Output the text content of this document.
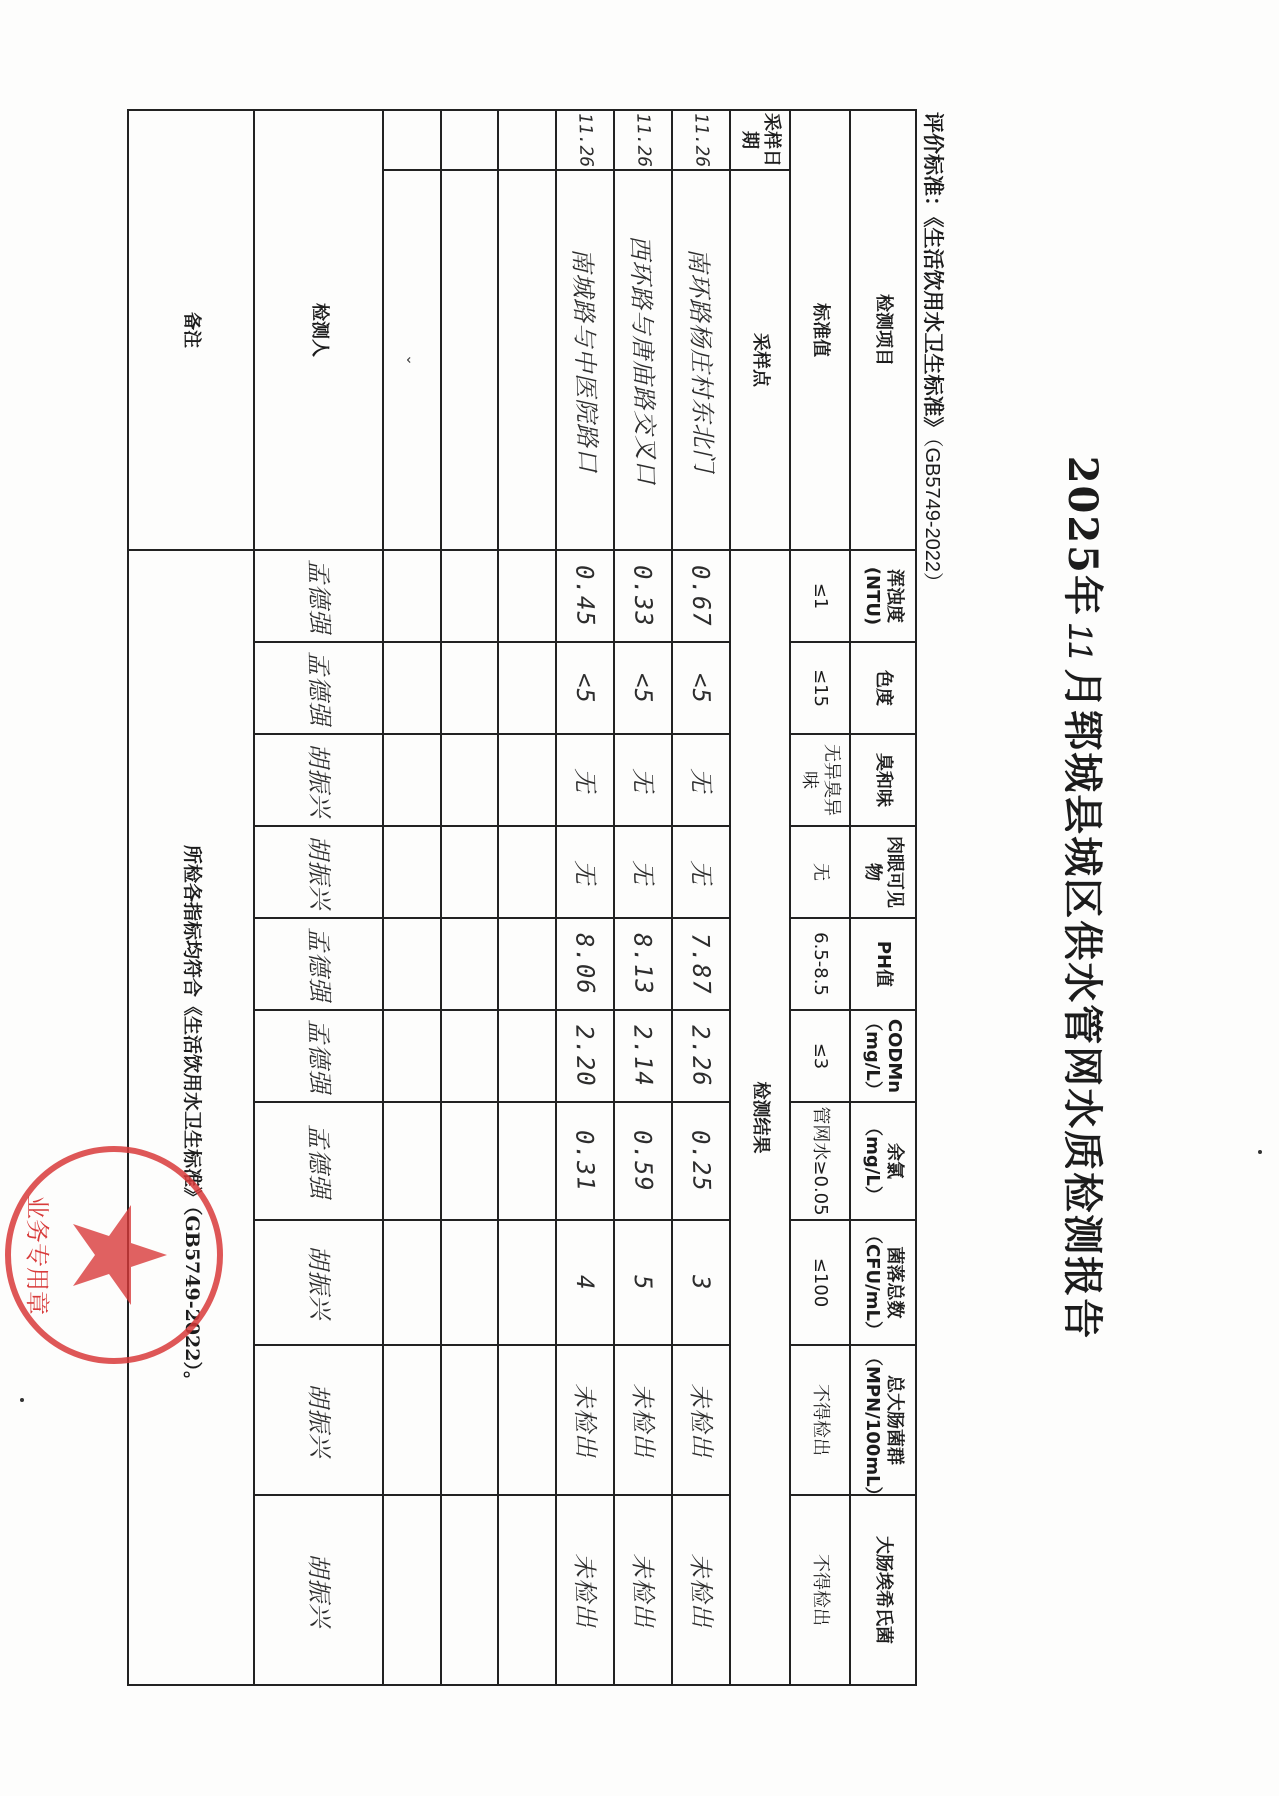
2025年11月郓城县城区供水管网水质检测报告
评价标准：《生活饮用水卫生标准》（GB5749-2022）
检测项目		浑浊度(NTU)	色度	臭和味	肉眼可见物	PH值	CODMn（mg/L）	余氯（mg/L）	菌落总数（CFU/mL）	总大肠菌群（MPN/100mL）	大肠埃希氏菌
标准值		≤1	≤15	无异臭异味	无	6.5-8.5	≤3	管网水≥0.05	≤100	不得检出	不得检出
采样日期	采样点	检测结果									
11.26	南环路杨庄村东北门	0.67	<5	无	无	7.87	2.26	0.25	3	未检出	未检出
11.26	西环路与唐庙路交叉口	0.33	<5	无	无	8.13	2.14	0.59	5	未检出	未检出
11.26	南城路与中医院路口	0.45	<5	无	无	8.06	2.20	0.31	4	未检出	未检出

	⌄										
检测人		孟德强	孟德强	胡振兴	胡振兴	孟德强	孟德强	孟德强	胡振兴	胡振兴	胡振兴
备注		所检各指标均符合《生活饮用水卫生标准》（GB5749-2022）。									
业务专用章
